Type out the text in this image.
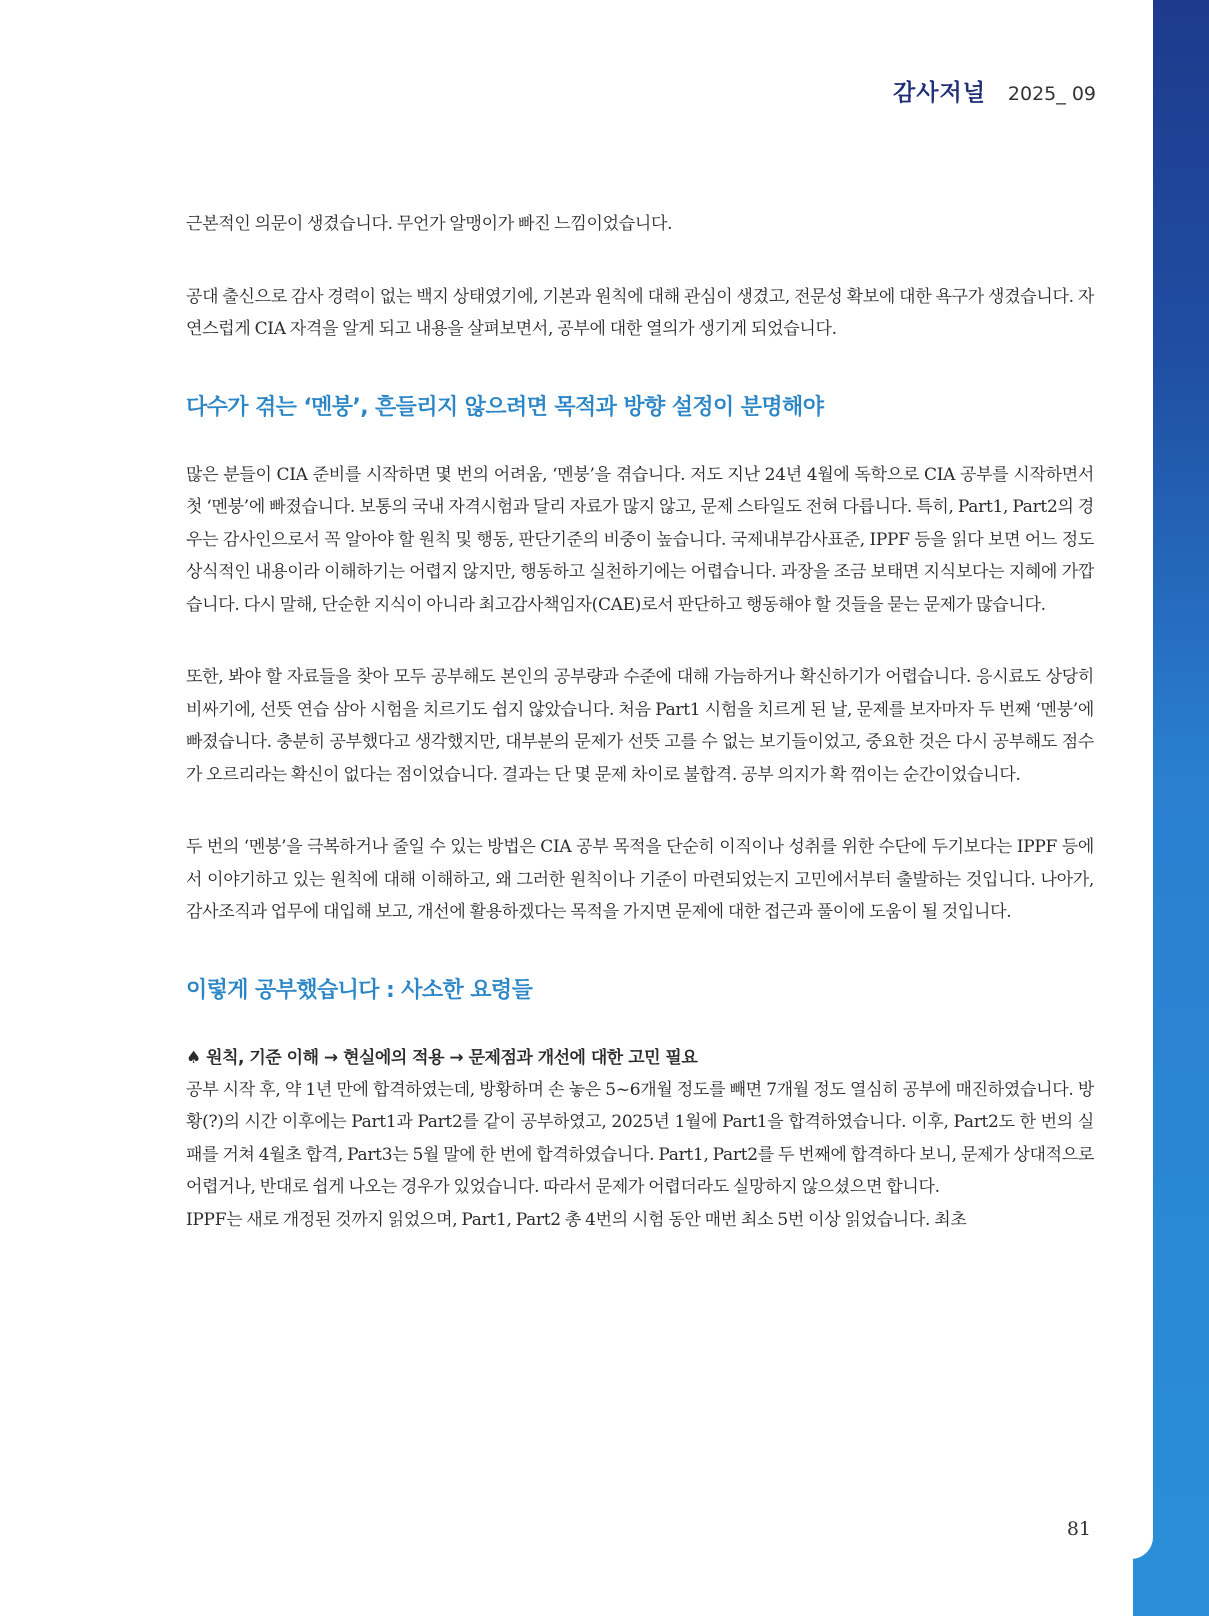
감사저널 2025_ 09

근본적인 의문이 생겼습니다. 무언가 알맹이가 빠진 느낌이었습니다.

공대 출신으로 감사 경력이 없는 백지 상태였기에, 기본과 원칙에 대해 관심이 생겼고, 전문성 확보에 대한 욕구가 생겼습니다. 자연스럽게 CIA 자격을 알게 되고 내용을 살펴보면서, 공부에 대한 열의가 생기게 되었습니다.

다수가 겪는 ‘멘붕’, 흔들리지 않으려면 목적과 방향 설정이 분명해야

많은 분들이 CIA 준비를 시작하면 몇 번의 어려움, ‘멘붕’을 겪습니다. 저도 지난 24년 4월에 독학으로 CIA 공부를 시작하면서 첫 ‘멘붕’에 빠졌습니다. 보통의 국내 자격시험과 달리 자료가 많지 않고, 문제 스타일도 전혀 다릅니다. 특히, Part1, Part2의 경우는 감사인으로서 꼭 알아야 할 원칙 및 행동, 판단기준의 비중이 높습니다. 국제내부감사표준, IPPF 등을 읽다 보면 어느 정도 상식적인 내용이라 이해하기는 어렵지 않지만, 행동하고 실천하기에는 어렵습니다. 과장을 조금 보태면 지식보다는 지혜에 가깝습니다. 다시 말해, 단순한 지식이 아니라 최고감사책임자(CAE)로서 판단하고 행동해야 할 것들을 묻는 문제가 많습니다.

또한, 봐야 할 자료들을 찾아 모두 공부해도 본인의 공부량과 수준에 대해 가늠하거나 확신하기가 어렵습니다. 응시료도 상당히 비싸기에, 선뜻 연습 삼아 시험을 치르기도 쉽지 않았습니다. 처음 Part1 시험을 치르게 된 날, 문제를 보자마자 두 번째 ‘멘붕’에 빠졌습니다. 충분히 공부했다고 생각했지만, 대부분의 문제가 선뜻 고를 수 없는 보기들이었고, 중요한 것은 다시 공부해도 점수가 오르리라는 확신이 없다는 점이었습니다. 결과는 단 몇 문제 차이로 불합격. 공부 의지가 확 꺾이는 순간이었습니다.

두 번의 ‘멘붕’을 극복하거나 줄일 수 있는 방법은 CIA 공부 목적을 단순히 이직이나 성취를 위한 수단에 두기보다는 IPPF 등에서 이야기하고 있는 원칙에 대해 이해하고, 왜 그러한 원칙이나 기준이 마련되었는지 고민에서부터 출발하는 것입니다. 나아가, 감사조직과 업무에 대입해 보고, 개선에 활용하겠다는 목적을 가지면 문제에 대한 접근과 풀이에 도움이 될 것입니다.

이렇게 공부했습니다 : 사소한 요령들
♠ 원칙, 기준 이해 → 현실에의 적용 → 문제점과 개선에 대한 고민 필요

공부 시작 후, 약 1년 만에 합격하였는데, 방황하며 손 놓은 5~6개월 정도를 빼면 7개월 정도 열심히 공부에 매진하였습니다. 방황(?)의 시간 이후에는 Part1과 Part2를 같이 공부하였고, 2025년 1월에 Part1을 합격하였습니다. 이후, Part2도 한 번의 실패를 거쳐 4월초 합격, Part3는 5월 말에 한 번에 합격하였습니다. Part1, Part2를 두 번째에 합격하다 보니, 문제가 상대적으로 어렵거나, 반대로 쉽게 나오는 경우가 있었습니다. 따라서 문제가 어렵더라도 실망하지 않으셨으면 합니다.

IPPF는 새로 개정된 것까지 읽었으며, Part1, Part2 총 4번의 시험 동안 매번 최소 5번 이상 읽었습니다. 최초

81
